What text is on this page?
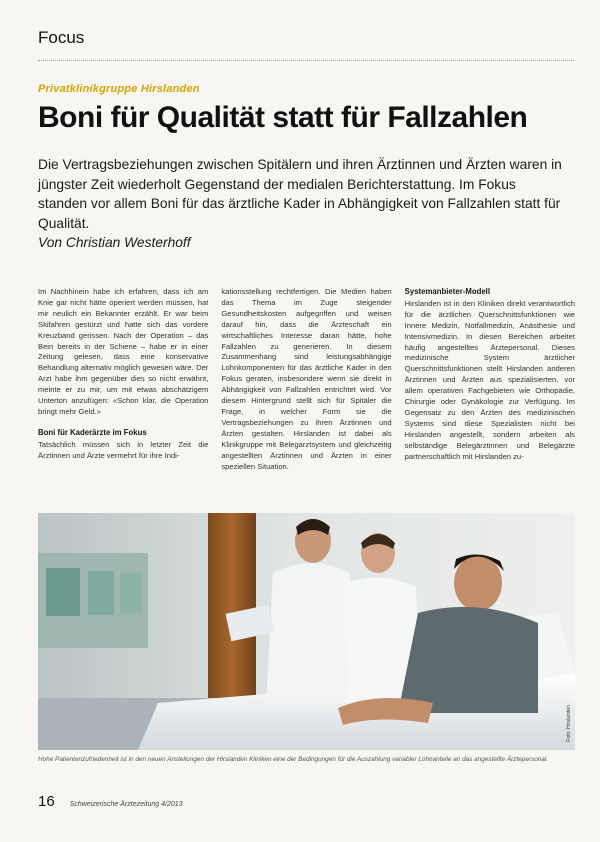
Focus
Privatklinikgruppe Hirslanden
Boni für Qualität statt für Fallzahlen
Die Vertragsbeziehungen zwischen Spitälern und ihren Ärztinnen und Ärzten waren in jüngster Zeit wiederholt Gegenstand der medialen Berichterstattung. Im Fokus standen vor allem Boni für das ärztliche Kader in Abhängigkeit von Fallzahlen statt für Qualität.
Von Christian Westerhoff

Im Nachhinein habe ich erfahren, dass ich am Knie gar nicht hätte operiert werden müssen, hat mir neulich ein Bekannter erzählt. Er war beim Skifahren gestürzt und hatte sich das vordere Kreuzband gerissen. Nach der Operation – das Bein bereits in der Schiene – habe er in einer Zeitung gelesen, dass eine konservative Behandlung alternativ möglich gewesen wäre. Der Arzt habe ihm gegenüber dies so nicht erwähnt, meinte er zu mir, um mit etwas abschätzigem Unterton anzufügen: «Schon klar, die Operation bringt mehr Geld.»

Boni für Kaderärzte im Fokus

Tatsächlich müssen sich in letzter Zeit die Ärztinnen und Ärzte vermehrt für ihre Indi-

kationsstellung rechtfertigen. Die Medien haben das Thema im Zuge steigender Gesundheitskosten aufgegriffen und weisen darauf hin, dass die Ärzteschaft ein wirtschaftliches Interesse daran hätte, hohe Fallzahlen zu generieren. In diesem Zusammenhang sind leistungsabhängige Lohnkomponenten für das ärztliche Kader in den Fokus geraten, insbesondere wenn sie direkt in Abhängigkeit von Fallzahlen entrichtet wird. Vor diesem Hintergrund stellt sich für Spitäler die Frage, in welcher Form sie die Vertragsbeziehungen zu ihren Ärztinnen und Ärzten gestalten. Hirslanden ist dabei als Klinikgruppe mit Belegarztsystem und gleichzeitig angestellten Ärztinnen und Ärzten in einer speziellen Situation.

Systemanbieter-Modell

Hirslanden ist in den Kliniken direkt verantwortlich für die ärztlichen Querschnittsfunktionen wie Innere Medizin, Notfallmedizin, Anästhesie und Intensivmedizin. In diesen Bereichen arbeitet häufig angestelltes Ärztepersonal. Dieses medizinische System ärztlicher Querschnittsfunktionen stellt Hirslanden anderen Ärztinnen und Ärzten aus spezialisierten, vor allem operativen Fachgebieten wie Orthopädie, Chirurgie oder Gynäkologie zur Verfügung. Im Gegensatz zu den Ärzten des medizinischen Systems sind diese Spezialisten nicht bei Hirslanden angestellt, sondern arbeiten als selbständige Belegärztinnen und Belegärzte partnerschaftlich mit Hirslanden zu-

Foto: Hirslanden
Hohe Patientenzufriedenheit ist in den neuen Anstellungen der Hirslanden Kliniken eine der Bedingungen für die Auszahlung variabler Lohnanteile an das angestellte Ärztepersonal.
16 Schweizerische Ärztezeitung 4/2013
